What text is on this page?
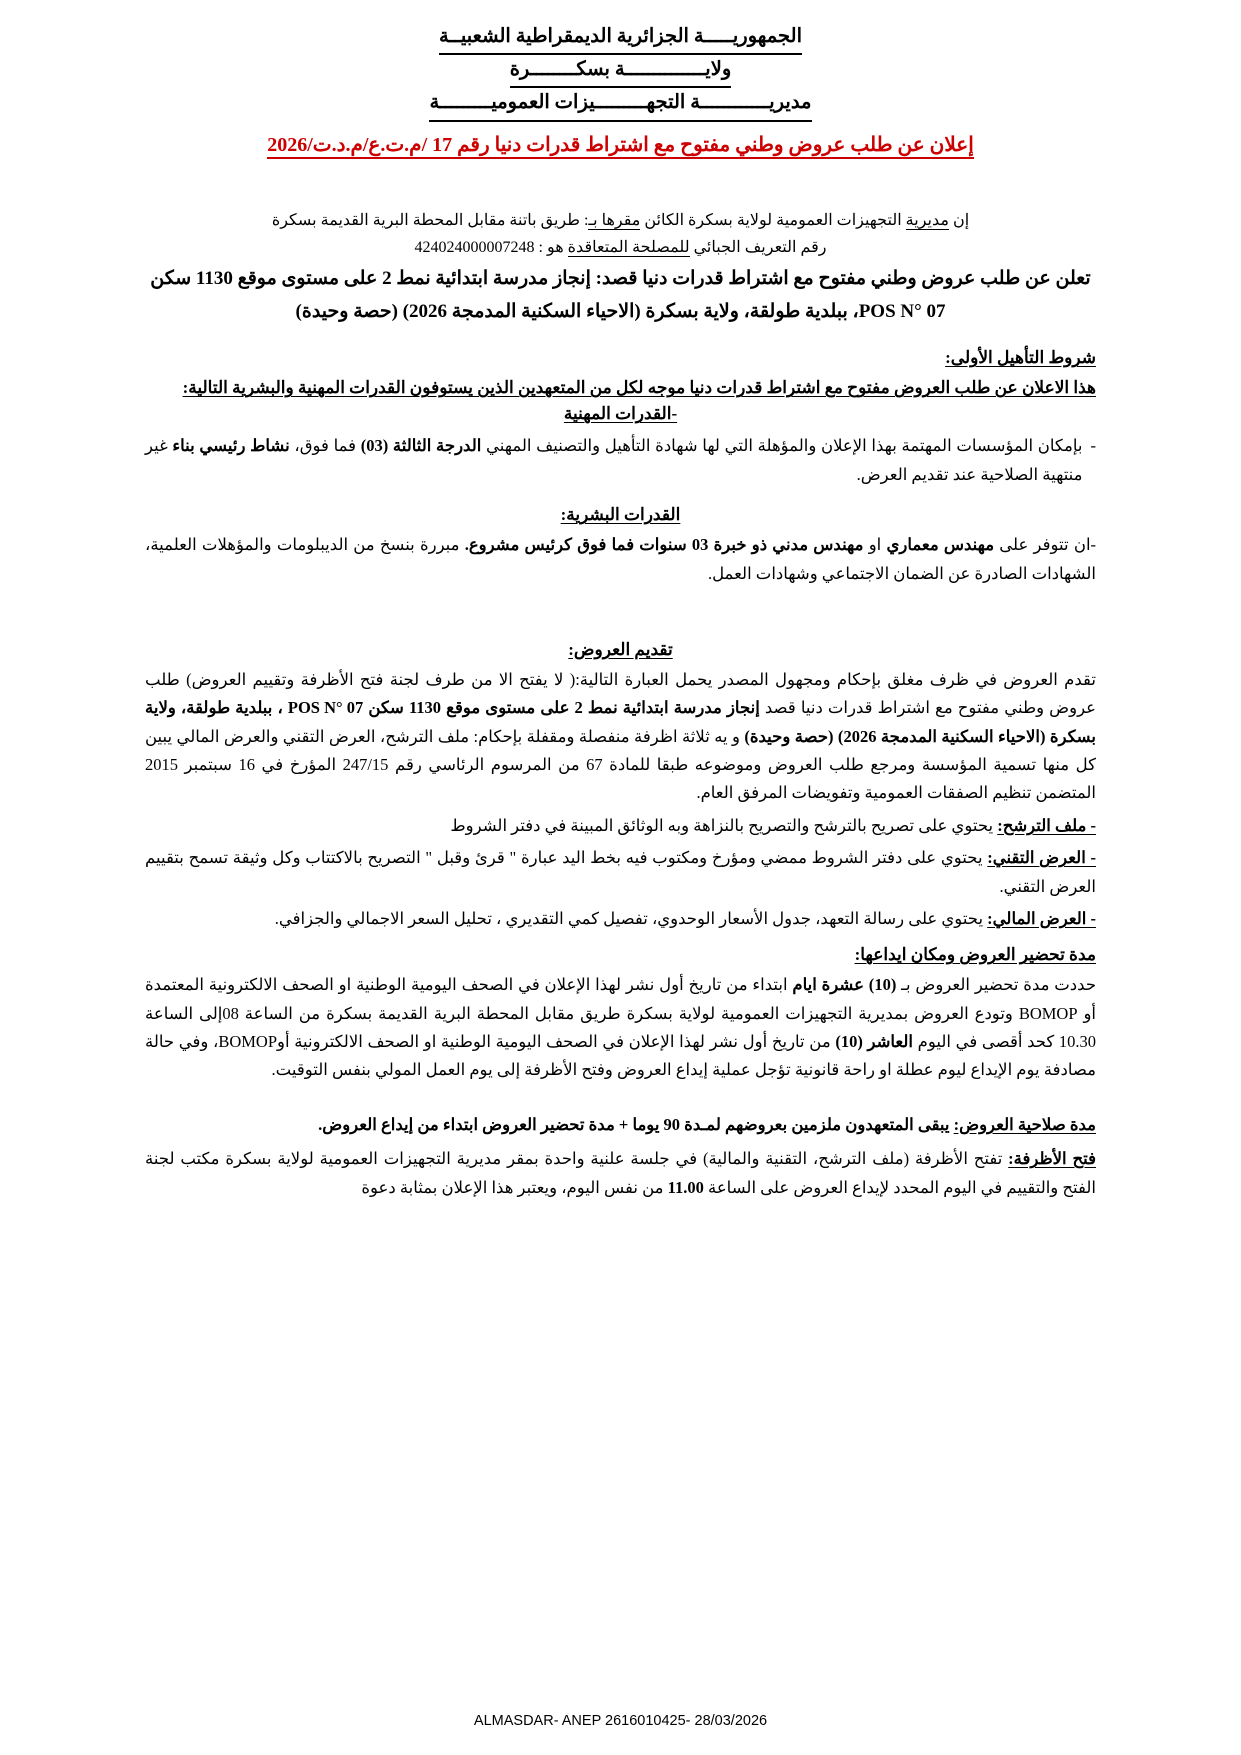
الجمهوريـــــة الجزائرية الديمقراطية الشعبيــة
ولايــــــــــــــة بسكــــــــرة
مديريــــــــــــة التجهـــــــــيزات العموميـــــــــة
إعلان عن طلب عروض وطني مفتوح مع اشتراط قدرات دنيا رقم 17 /م.ت.ع/م.د.ت/2026
إن مديرية التجهيزات العمومية لولاية بسكرة الكائن مقرها بـ: طريق باتنة مقابل المحطة البرية القديمة بسكرة
رقم التعريف الجبائي للمصلحة المتعاقدة هو : 424024000007248
تعلن عن طلب عروض وطني مفتوح مع اشتراط قدرات دنيا قصد: إنجاز مدرسة ابتدائية نمط 2 على مستوى موقع 1130 سكن POS N° 07، ببلدية طولقة، ولاية بسكرة (الاحياء السكنية المدمجة 2026) (حصة وحيدة)
شروط التأهيل الأولى:
هذا الاعلان عن طلب العروض مفتوح مع اشتراط قدرات دنيا موجه لكل من المتعهدين الذين يستوفون القدرات المهنية والبشرية التالية:
-القدرات المهنية
-
بإمكان المؤسسات المهتمة بهذا الإعلان والمؤهلة التي لها شهادة التأهيل والتصنيف المهني الدرجة الثالثة (03) فما فوق، نشاط رئيسي بناء غير منتهية الصلاحية عند تقديم العرض.
القدرات البشرية:
-ان تتوفر على مهندس معماري او مهندس مدني ذو خبرة 03 سنوات فما فوق كرئيس مشروع. مبررة بنسخ من الديبلومات والمؤهلات العلمية، الشهادات الصادرة عن الضمان الاجتماعي وشهادات العمل.
تقديم العروض:
تقدم العروض في ظرف مغلق بإحكام ومجهول المصدر يحمل العبارة التالية:( لا يفتح الا من طرف لجنة فتح الأظرفة وتقييم العروض) طلب عروض وطني مفتوح مع اشتراط قدرات دنيا قصد إنجاز مدرسة ابتدائية نمط 2 على مستوى موقع 1130 سكن POS N° 07 ، ببلدية طولقة، ولاية بسكرة (الاحياء السكنية المدمجة 2026) (حصة وحيدة) و يه ثلاثة اظرفة منفصلة ومقفلة بإحكام: ملف الترشح، العرض التقني والعرض المالي يبين كل منها تسمية المؤسسة ومرجع طلب العروض وموضوعه طبقا للمادة 67 من المرسوم الرئاسي رقم 247/15 المؤرخ في 16 سبتمبر 2015 المتضمن تنظيم الصفقات العمومية وتفويضات المرفق العام.
- ملف الترشح: يحتوي على تصريح بالترشح والتصريح بالنزاهة وبه الوثائق المبينة في دفتر الشروط
- العرض التقني: يحتوي على دفتر الشروط ممضي ومؤرخ ومكتوب فيه بخط اليد عبارة " قرئ وقبل " التصريح بالاكتتاب وكل وثيقة تسمح بتقييم العرض التقني.
- العرض المالي: يحتوي على رسالة التعهد، جدول الأسعار الوحدوي، تفصيل كمي التقديري ، تحليل السعر الاجمالي والجزافي.
مدة تحضير العروض ومكان ايداعها:
حددت مدة تحضير العروض بـ (10) عشرة ايام ابتداء من تاريخ أول نشر لهذا الإعلان في الصحف اليومية الوطنية او الصحف الالكترونية المعتمدة أو BOMOP وتودع العروض بمديرية التجهيزات العمومية لولاية بسكرة طريق مقابل المحطة البرية القديمة بسكرة من الساعة 08إلى الساعة 10.30 كحد أقصى في اليوم العاشر (10) من تاريخ أول نشر لهذا الإعلان في الصحف اليومية الوطنية او الصحف الالكترونية أوBOMOP، وفي حالة مصادفة يوم الإيداع ليوم عطلة او راحة قانونية تؤجل عملية إيداع العروض وفتح الأظرفة إلى يوم العمل المولي بنفس التوقيت.
مدة صلاحية العروض: يبقى المتعهدون ملزمين بعروضهم لمـدة 90 يوما + مدة تحضير العروض ابتداء من إيداع العروض.
فتح الأظرفة: تفتح الأظرفة (ملف الترشح، التقنية والمالية) في جلسة علنية واحدة بمقر مديرية التجهيزات العمومية لولاية بسكرة مكتب لجنة الفتح والتقييم في اليوم المحدد لإيداع العروض على الساعة 11.00 من نفس اليوم، ويعتبر هذا الإعلان بمثابة دعوة
ALMASDAR- ANEP 2616010425- 28/03/2026
